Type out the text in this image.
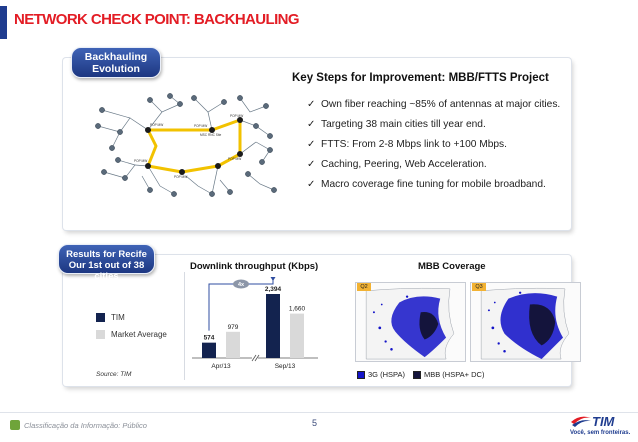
NETWORK CHECK POINT: BACKHAULING
Backhauling
Evolution
POP MW	POP MW
POP MW
MSC RNC Site
POP MW
POP MW
POP MW
Key Steps for Improvement: MBB/FTTS Project
✓ Own fiber reaching ~85% of antennas at major cities.
✓ Targeting 38 main cities till year end.
✓ FTTS: From 2-8 Mbps link to +100 Mbps.
✓ Caching, Peering, Web Acceleration.
✓ Macro coverage fine tuning for mobile broadband.
Results for Recife
Our 1st out of 38 cities
Downlink throughput (Kbps)
TIM
Market Average
Source: TIM
574
979
Apr/13
2,394
1,660
Sep/13
4x
MBB Coverage
Q2	Q3
3G (HSPA)	MBB (HSPA+ DC)
Classificação da Informação: Público	5	TIM
Você, sem fronteiras.
